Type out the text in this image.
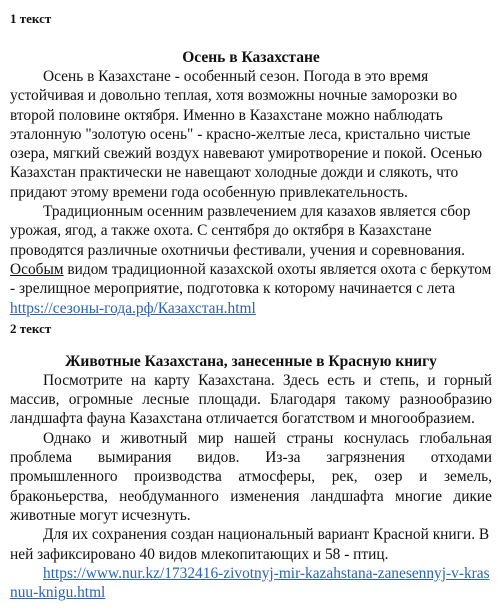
1 текст

Осень в Казахстане

Осень в Казахстане - особенный сезон. Погода в это время устойчивая и довольно теплая, хотя возможны ночные заморозки во второй половине октября. Именно в Казахстане можно наблюдать эталонную "золотую осень" - красно-желтые леса, кристально чистые озера, мягкий свежий воздух навевают умиротворение и покой. Осенью Казахстан практически не навещают холодные дожди и слякоть, что придают этому времени года особенную привлекательность.

Традиционным осенним развлечением для казахов является сбор урожая, ягод, а также охота. С сентября до октября в Казахстане проводятся различные охотничьи фестивали, учения и соревнования. Особым видом традиционной казахской охоты является охота с беркутом - зрелищное мероприятие, подготовка к которому начинается с лета

https://сезоны-года.рф/Казахстан.html

2 текст

Животные Казахстана, занесенные в Красную книгу

Посмотрите на карту Казахстана. Здесь есть и степь, и горный массив, огромные лесные площади. Благодаря такому разнообразию ландшафта фауна Казахстана отличается богатством и многообразием.

Однако и животный мир нашей страны коснулась глобальная проблема вымирания видов. Из-за загрязнения отходами промышленного производства атмосферы, рек, озер и земель, браконьерства, необдуманного изменения ландшафта многие дикие животные могут исчезнуть.

Для их сохранения создан национальный вариант Красной книги. В ней зафиксировано 40 видов млекопитающих и 58 - птиц.

https://www.nur.kz/1732416-zivotnyj-mir-kazahstana-zanesennyj-v-krasnuu-knigu.html
